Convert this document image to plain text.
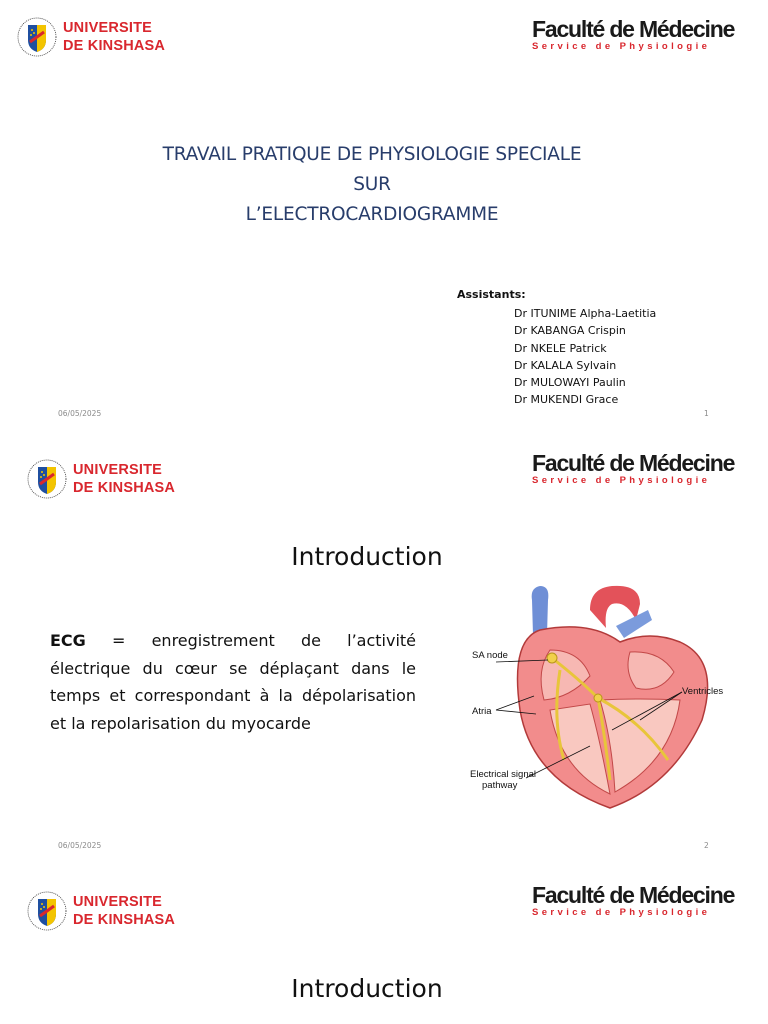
UNIVERSITE
DE KINSHASA
Faculté de Médecine
Service de Physiologie
TRAVAIL PRATIQUE DE PHYSIOLOGIE SPECIALE
SUR
L’ELECTROCARDIOGRAMME
Assistants:
Dr ITUNIME Alpha-Laetitia
Dr KABANGA Crispin
Dr NKELE Patrick
Dr KALALA Sylvain
Dr MULOWAYI Paulin
Dr MUKENDI Grace
06/05/2025	1
UNIVERSITE
DE KINSHASA
Faculté de Médecine
Service de Physiologie
Introduction
ECG = enregistrement de l’activité électrique du cœur se déplaçant dans le temps et correspondant à la dépolarisation et la repolarisation du myocarde
SA node
Atria
Ventricles
Electrical signal
pathway
06/05/2025	2
UNIVERSITE
DE KINSHASA
Faculté de Médecine
Service de Physiologie
Introduction
